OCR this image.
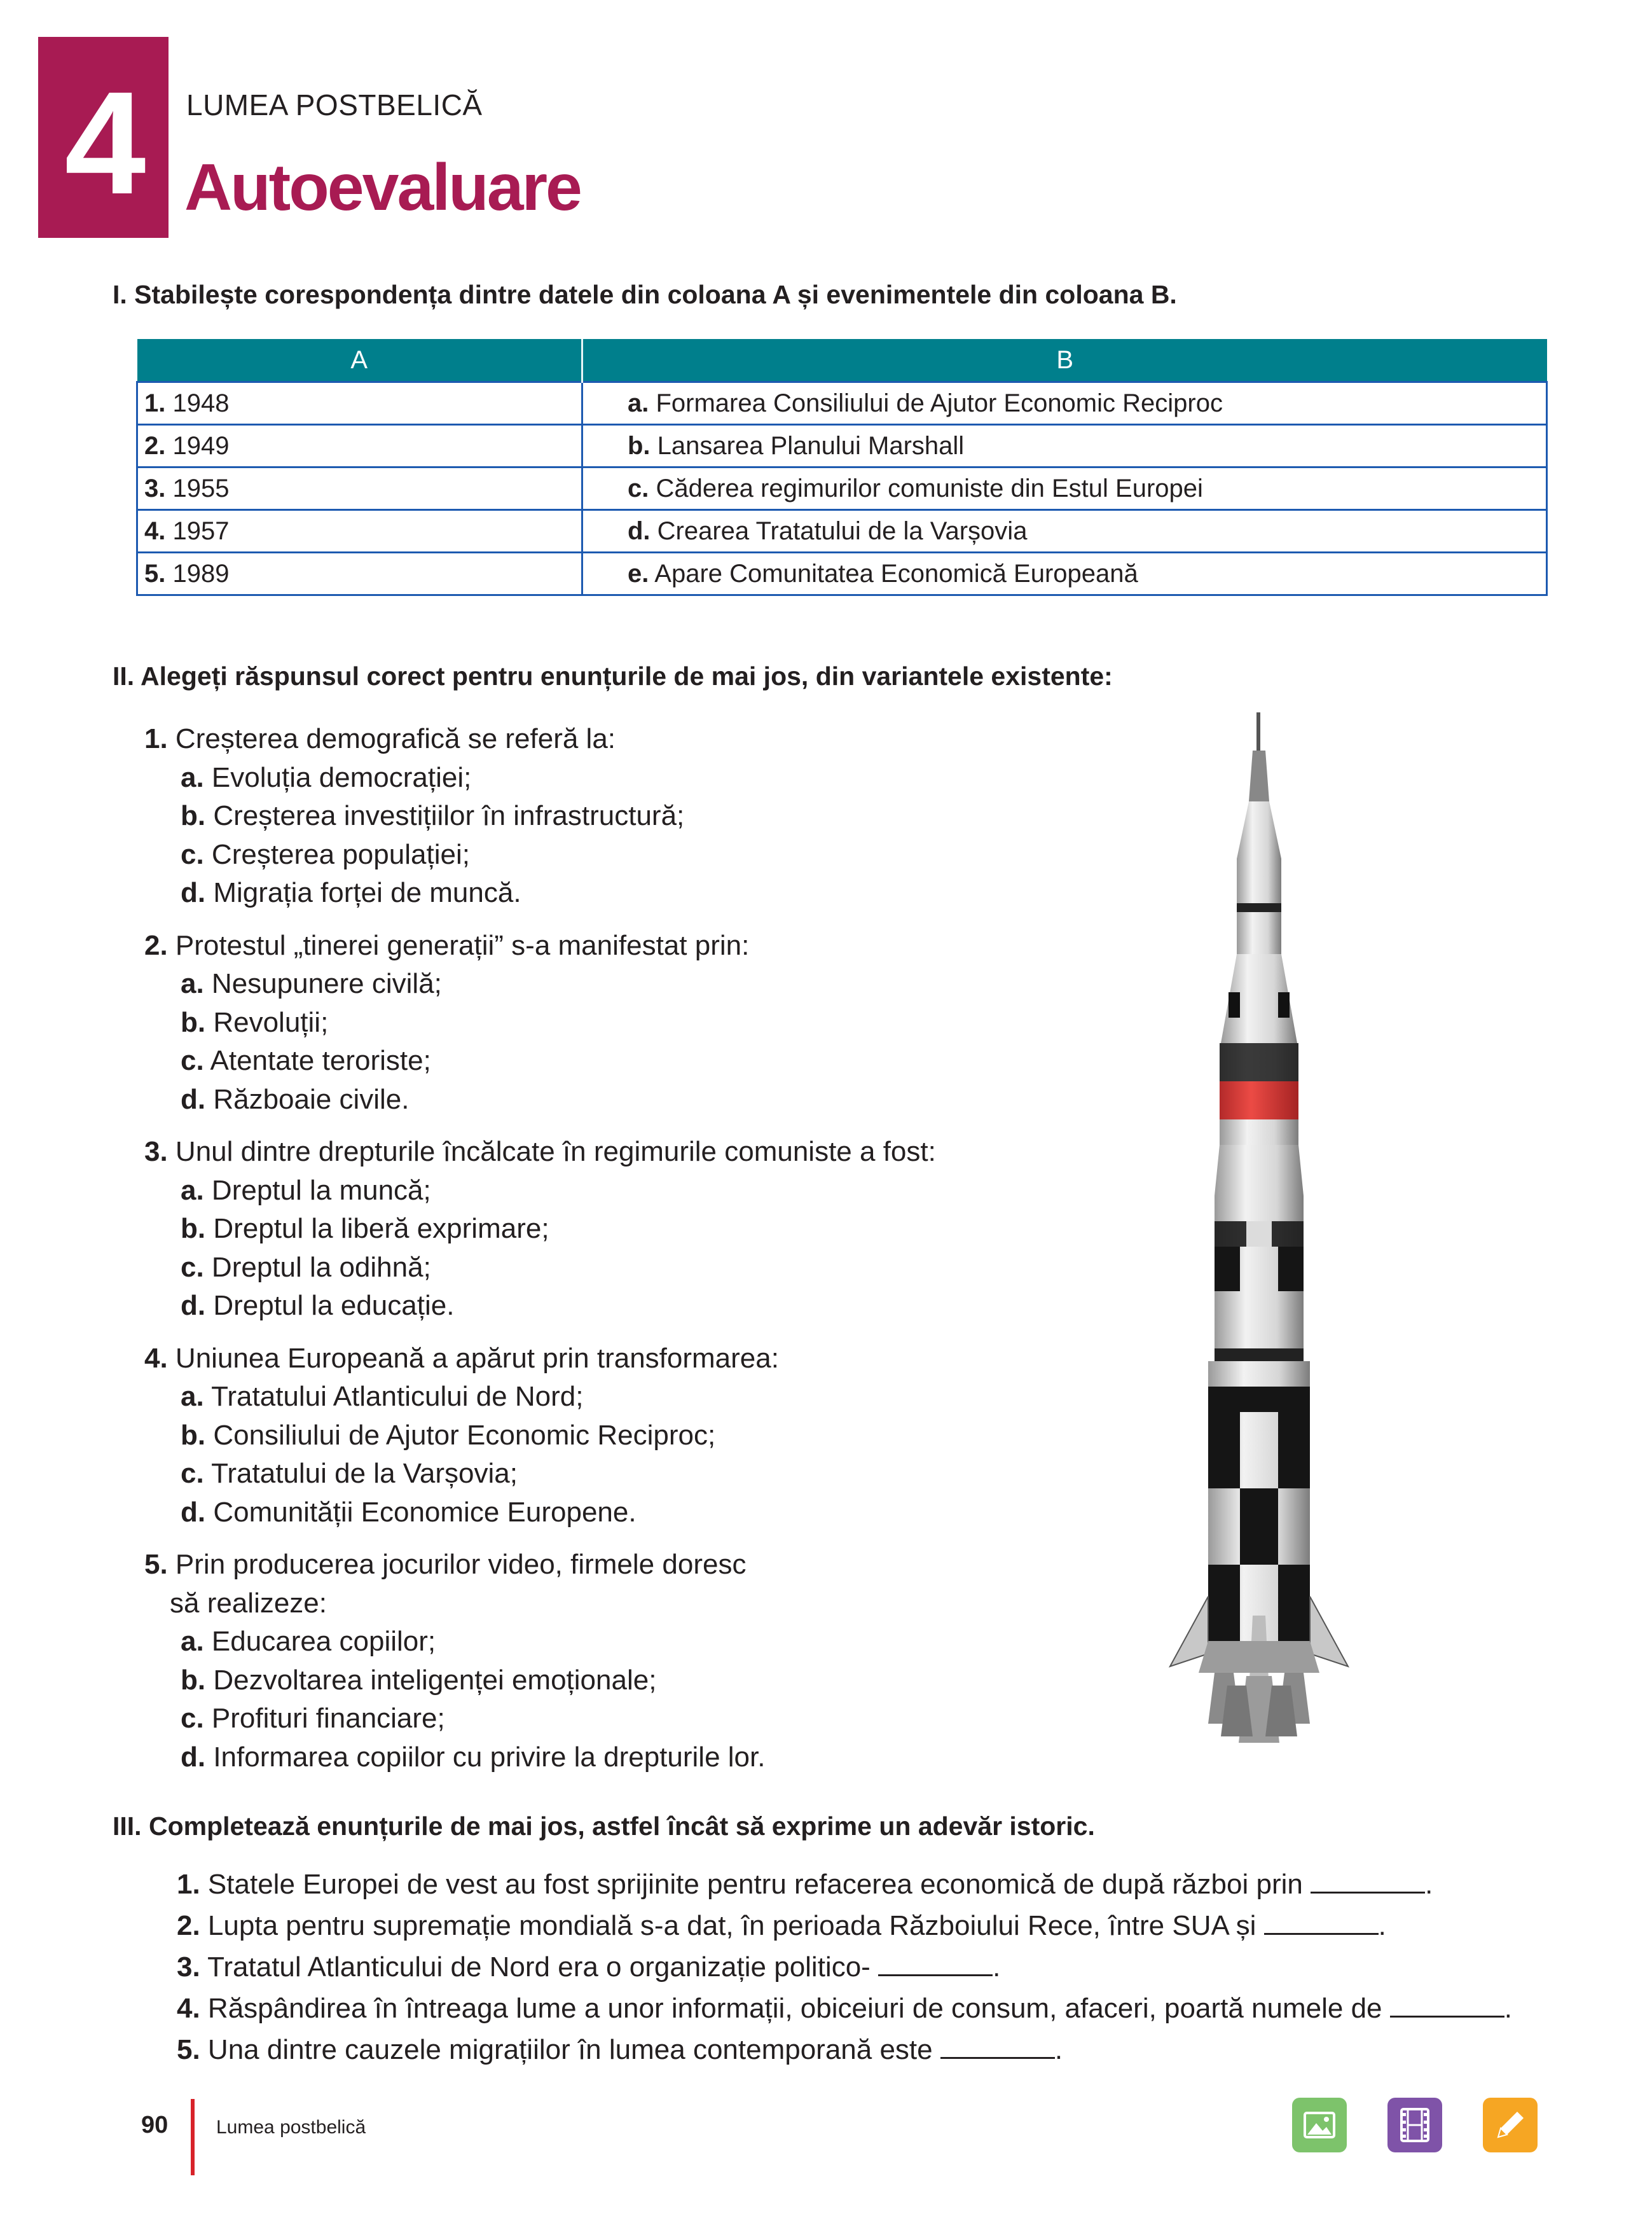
4	LUMEA POSTBELICĂ
Autoevaluare
I. Stabilește corespondența dintre datele din coloana A și evenimentele din coloana B.
A	B
1. 1948	a. Formarea Consiliului de Ajutor Economic Reciproc
2. 1949	b. Lansarea Planului Marshall
3. 1955	c. Căderea regimurilor comuniste din Estul Europei
4. 1957	d. Crearea Tratatului de la Varșovia
5. 1989	e. Apare Comunitatea Economică Europeană
II. Alegeți răspunsul corect pentru enunțurile de mai jos, din variantele existente:
1. Creșterea demografică se referă la:
a. Evoluția democrației;
b. Creșterea investițiilor în infrastructură;
c. Creșterea populației;
d. Migrația forței de muncă.
2. Protestul „tinerei generații” s-a manifestat prin:
a. Nesupunere civilă;
b. Revoluții;
c. Atentate teroriste;
d. Războaie civile.
3. Unul dintre drepturile încălcate în regimurile comuniste a fost:
a. Dreptul la muncă;
b. Dreptul la liberă exprimare;
c. Dreptul la odihnă;
d. Dreptul la educație.
4. Uniunea Europeană a apărut prin transformarea:
a. Tratatului Atlanticului de Nord;
b. Consiliului de Ajutor Economic Reciproc;
c. Tratatului de la Varșovia;
d. Comunității Economice Europene.
5. Prin producerea jocurilor video, firmele doresc
să realizeze:
a. Educarea copiilor;
b. Dezvoltarea inteligenței emoționale;
c. Profituri financiare;
d. Informarea copiilor cu privire la drepturile lor.
III. Completează enunțurile de mai jos, astfel încât să exprime un adevăr istoric.
1. Statele Europei de vest au fost sprijinite pentru refacerea economică de după război prin	.
2. Lupta pentru supremație mondială s-a dat, în perioada Războiului Rece, între SUA și	.
3. Tratatul Atlanticului de Nord era o organizație politico-	.
4. Răspândirea în întreaga lume a unor informații, obiceiuri de consum, afaceri, poartă numele de	.
5. Una dintre cauzele migrațiilor în lumea contemporană este	.
90	Lumea postbelică
